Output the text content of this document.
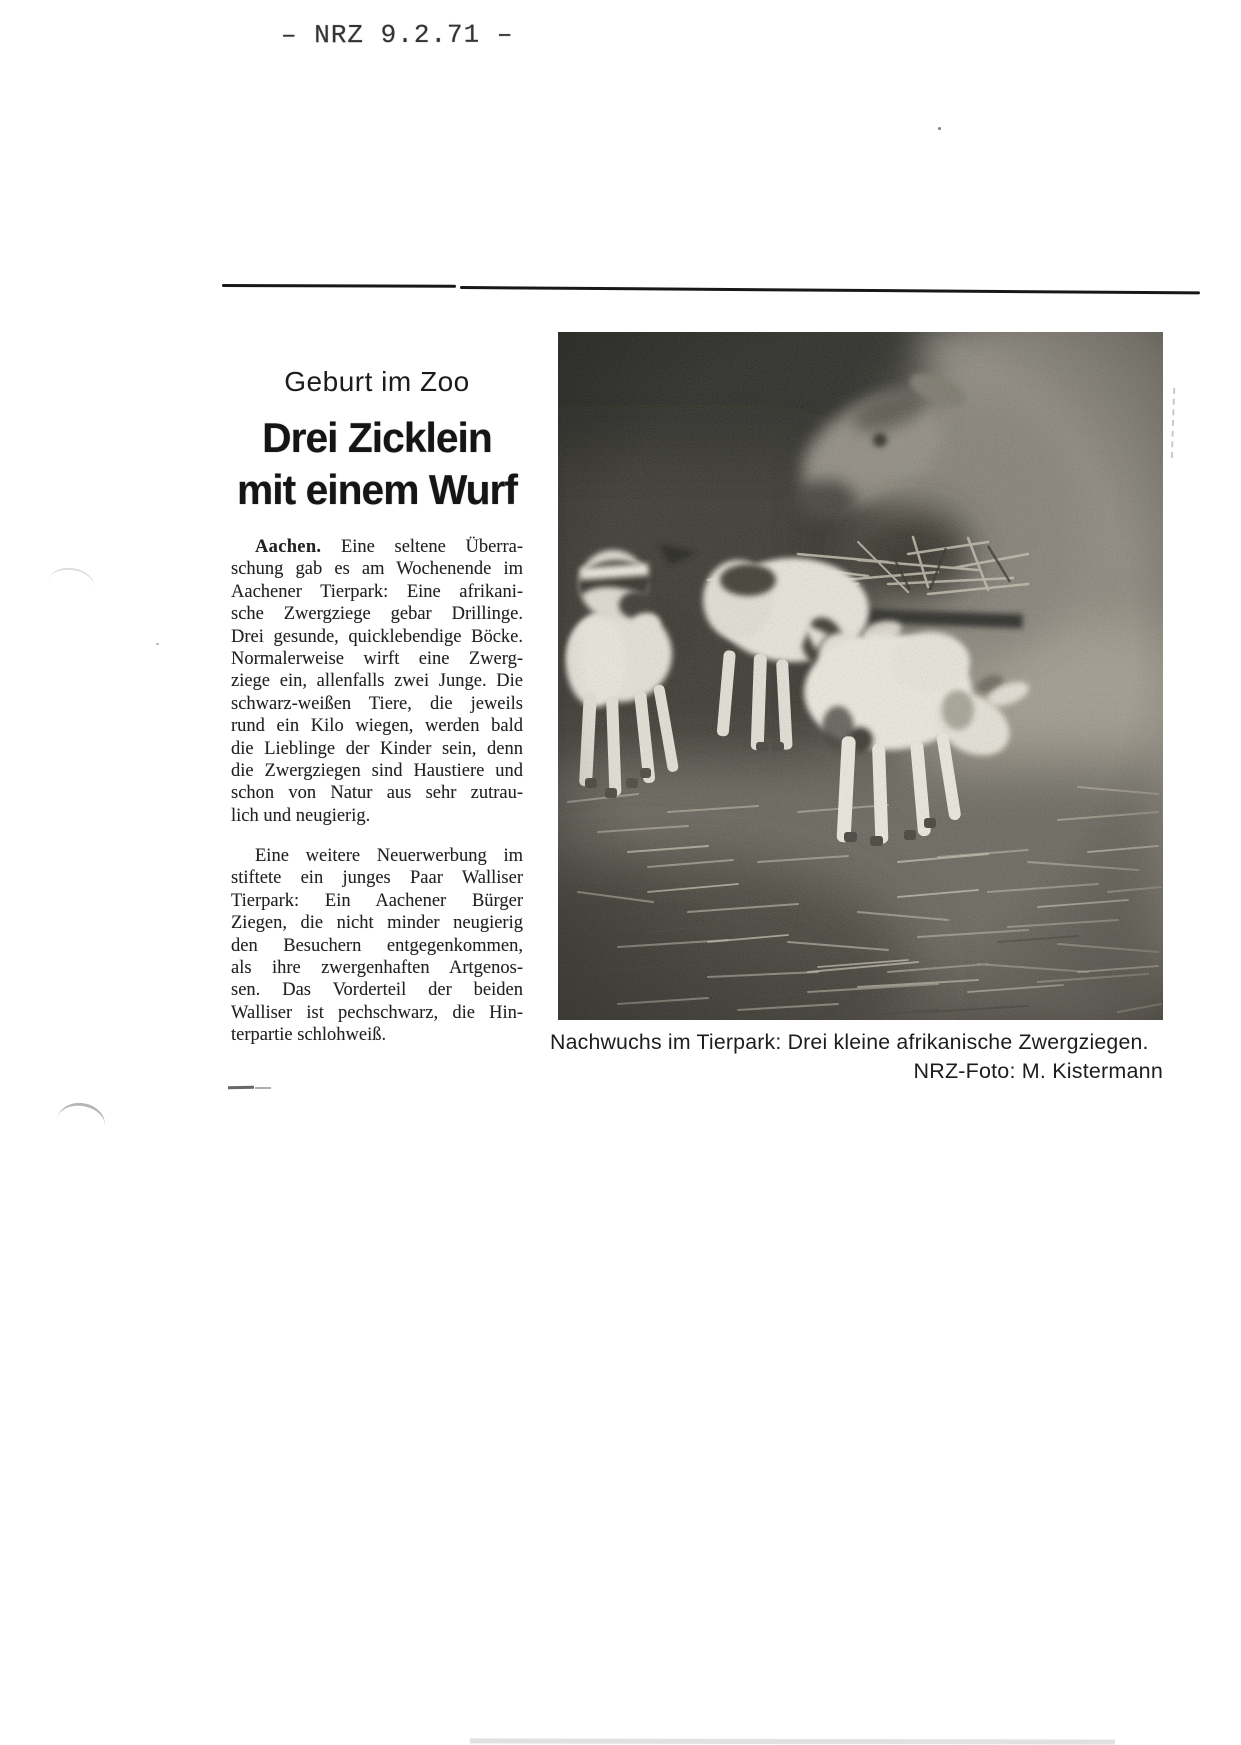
– NRZ 9.2.71 –
Geburt im Zoo
Drei Zicklein
mit einem Wurf
Aachen. Eine seltene Überra-
schung gab es am Wochenende im
Aachener Tierpark: Eine afrikani-
sche Zwergziege gebar Drillinge.
Drei gesunde, quicklebendige Böcke.
Normalerweise wirft eine Zwerg-
ziege ein, allenfalls zwei Junge. Die
schwarz-weißen Tiere, die jeweils
rund ein Kilo wiegen, werden bald
die Lieblinge der Kinder sein, denn
die Zwergziegen sind Haustiere und
schon von Natur aus sehr zutrau-
lich und neugierig.
Eine weitere Neuerwerbung im
stiftete ein junges Paar Walliser
Tierpark: Ein Aachener Bürger
Ziegen, die nicht minder neugierig
den Besuchern entgegenkommen,
als ihre zwergenhaften Artgenos-
sen. Das Vorderteil der beiden
Walliser ist pechschwarz, die Hin-
terpartie schlohweiß.	Nachwuchs im Tierpark: Drei kleine afrikanische Zwergziegen.
NRZ-Foto: M. Kistermann
